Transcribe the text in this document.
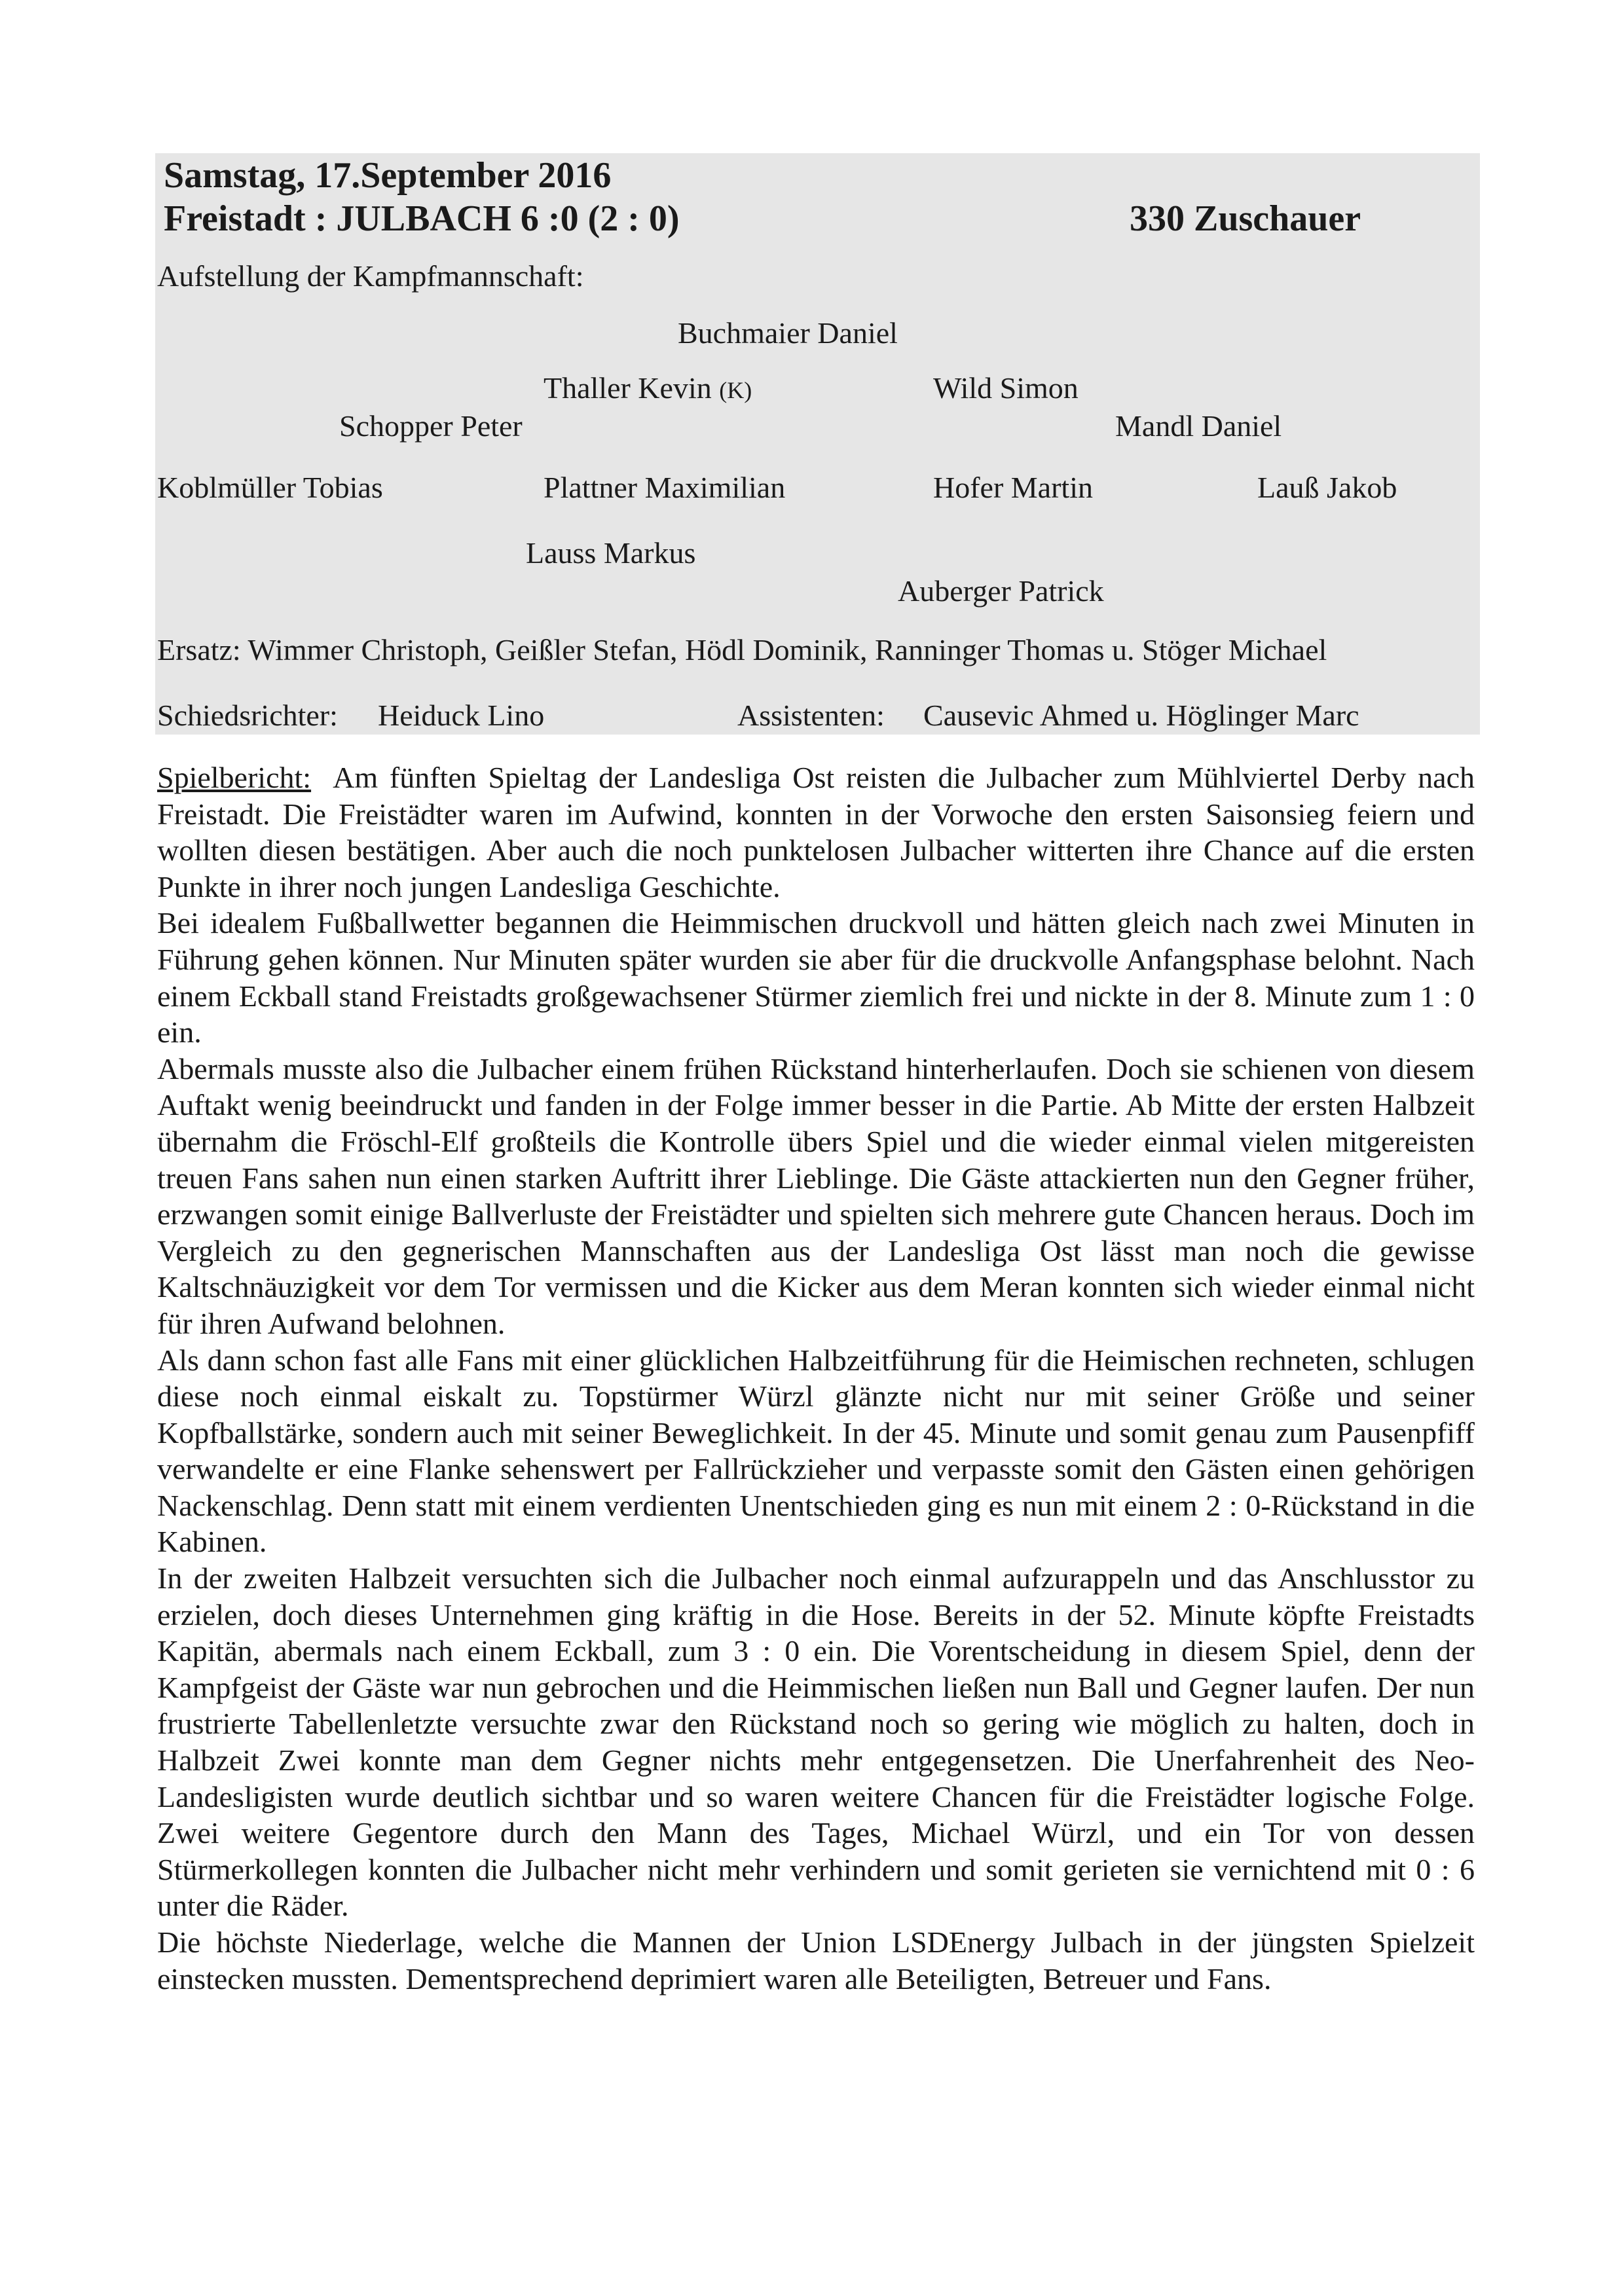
Samstag, 17.September 2016
Freistadt : JULBACH 6 :0 (2 : 0)	330 Zuschauer
Aufstellung der Kampfmannschaft:
Buchmaier Daniel
Thaller Kevin (K)	Wild Simon
Schopper Peter	Mandl Daniel
Koblmüller Tobias	Plattner Maximilian	Hofer Martin	Lauß Jakob
Lauss Markus
Auberger Patrick
Ersatz: Wimmer Christoph, Geißler Stefan, Hödl Dominik, Ranninger Thomas u. Stöger Michael
Schiedsrichter: Heiduck Lino	Assistenten: Causevic Ahmed u. Höglinger Marc

Spielbericht: Am fünften Spieltag der Landesliga Ost reisten die Julbacher zum Mühlviertel Derby nach Freistadt. Die Freistädter waren im Aufwind, konnten in der Vorwoche den ersten Saisonsieg feiern und wollten diesen bestätigen. Aber auch die noch punktelosen Julbacher witterten ihre Chance auf die ersten Punkte in ihrer noch jungen Landesliga Geschichte.

Bei idealem Fußballwetter begannen die Heimmischen druckvoll und hätten gleich nach zwei Minuten in Führung gehen können. Nur Minuten später wurden sie aber für die druckvolle Anfangsphase belohnt. Nach einem Eckball stand Freistadts großgewachsener Stürmer ziemlich frei und nickte in der 8. Minute zum 1 : 0 ein.

Abermals musste also die Julbacher einem frühen Rückstand hinterherlaufen. Doch sie schienen von diesem Auftakt wenig beeindruckt und fanden in der Folge immer besser in die Partie. Ab Mitte der ersten Halbzeit übernahm die Fröschl-Elf großteils die Kontrolle übers Spiel und die wieder einmal vielen mitgereisten treuen Fans sahen nun einen starken Auftritt ihrer Lieblinge. Die Gäste attackierten nun den Gegner früher, erzwangen somit einige Ballverluste der Freistädter und spielten sich mehrere gute Chancen heraus. Doch im Vergleich zu den gegnerischen Mannschaften aus der Landesliga Ost lässt man noch die gewisse Kaltschnäuzigkeit vor dem Tor vermissen und die Kicker aus dem Meran konnten sich wieder einmal nicht für ihren Aufwand belohnen.

Als dann schon fast alle Fans mit einer glücklichen Halbzeitführung für die Heimischen rechneten, schlugen diese noch einmal eiskalt zu. Topstürmer Würzl glänzte nicht nur mit seiner Größe und seiner Kopfballstärke, sondern auch mit seiner Beweglichkeit. In der 45. Minute und somit genau zum Pausenpfiff verwandelte er eine Flanke sehenswert per Fallrückzieher und verpasste somit den Gästen einen gehörigen Nackenschlag. Denn statt mit einem verdienten Unentschieden ging es nun mit einem 2 : 0-Rückstand in die Kabinen.

In der zweiten Halbzeit versuchten sich die Julbacher noch einmal aufzurappeln und das Anschlusstor zu erzielen, doch dieses Unternehmen ging kräftig in die Hose. Bereits in der 52. Minute köpfte Freistadts Kapitän, abermals nach einem Eckball, zum 3 : 0 ein. Die Vorentscheidung in diesem Spiel, denn der Kampfgeist der Gäste war nun gebrochen und die Heimmischen ließen nun Ball und Gegner laufen. Der nun frustrierte Tabellenletzte versuchte zwar den Rückstand noch so gering wie möglich zu halten, doch in Halbzeit Zwei konnte man dem Gegner nichts mehr entgegensetzen. Die Unerfahrenheit des Neo-Landesligisten wurde deutlich sichtbar und so waren weitere Chancen für die Freistädter logische Folge. Zwei weitere Gegentore durch den Mann des Tages, Michael Würzl, und ein Tor von dessen Stürmerkollegen konnten die Julbacher nicht mehr verhindern und somit gerieten sie vernichtend mit 0 : 6 unter die Räder.

Die höchste Niederlage, welche die Mannen der Union LSDEnergy Julbach in der jüngsten Spielzeit einstecken mussten. Dementsprechend deprimiert waren alle Beteiligten, Betreuer und Fans.
